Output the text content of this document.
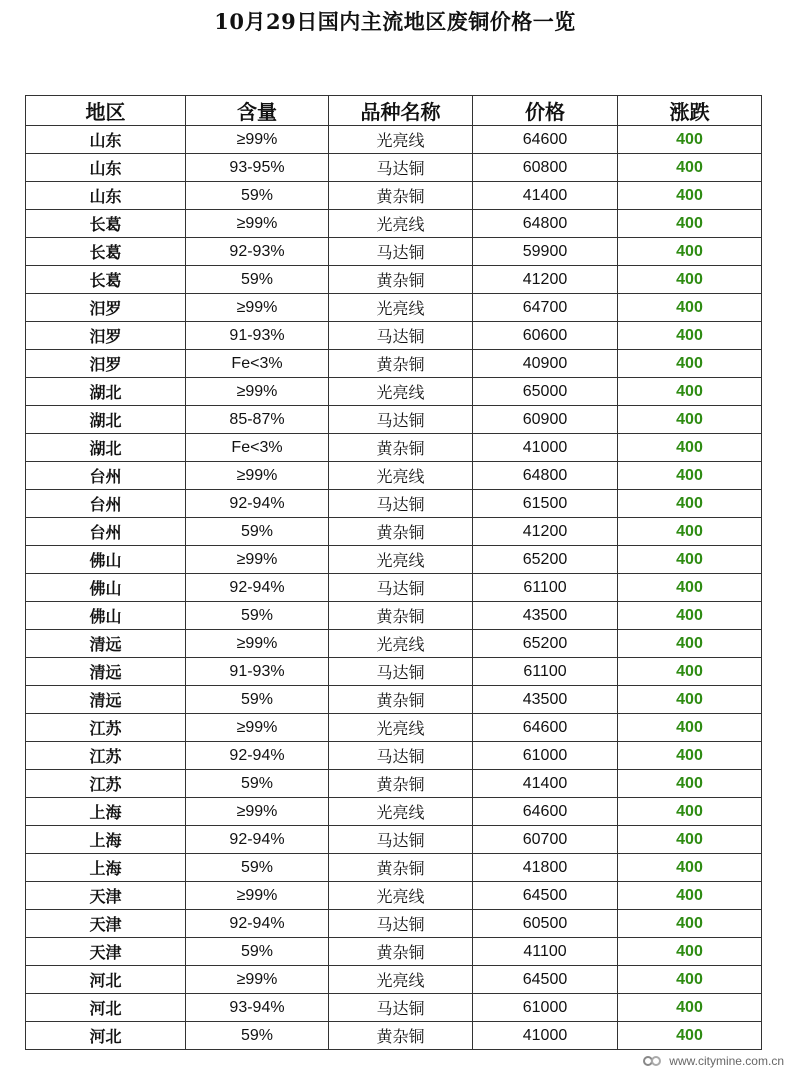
10月29日国内主流地区废铜价格一览
地区	含量	品种名称	价格	涨跌
山东	≥99%	光亮线	64600	400
山东	93-95%	马达铜	60800	400
山东	59%	黄杂铜	41400	400
长葛	≥99%	光亮线	64800	400
长葛	92-93%	马达铜	59900	400
长葛	59%	黄杂铜	41200	400
汨罗	≥99%	光亮线	64700	400
汨罗	91-93%	马达铜	60600	400
汨罗	Fe<3%	黄杂铜	40900	400
湖北	≥99%	光亮线	65000	400
湖北	85-87%	马达铜	60900	400
湖北	Fe<3%	黄杂铜	41000	400
台州	≥99%	光亮线	64800	400
台州	92-94%	马达铜	61500	400
台州	59%	黄杂铜	41200	400
佛山	≥99%	光亮线	65200	400
佛山	92-94%	马达铜	61100	400
佛山	59%	黄杂铜	43500	400
清远	≥99%	光亮线	65200	400
清远	91-93%	马达铜	61100	400
清远	59%	黄杂铜	43500	400
江苏	≥99%	光亮线	64600	400
江苏	92-94%	马达铜	61000	400
江苏	59%	黄杂铜	41400	400
上海	≥99%	光亮线	64600	400
上海	92-94%	马达铜	60700	400
上海	59%	黄杂铜	41800	400
天津	≥99%	光亮线	64500	400
天津	92-94%	马达铜	60500	400
天津	59%	黄杂铜	41100	400
河北	≥99%	光亮线	64500	400
河北	93-94%	马达铜	61000	400
河北	59%	黄杂铜	41000	400
www.citymine.com.cn
